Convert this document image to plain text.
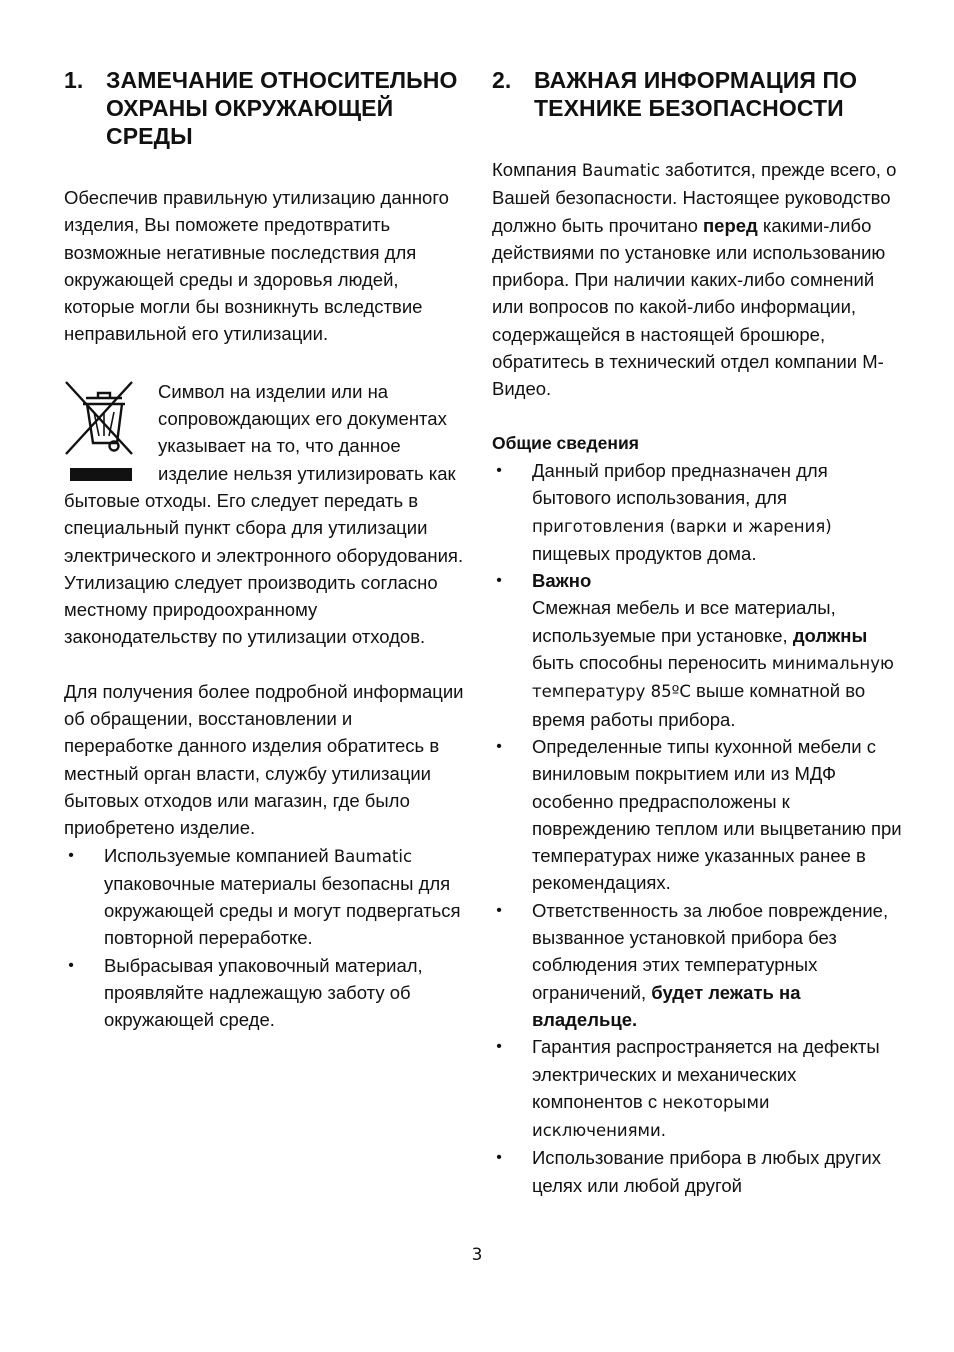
1. ЗАМЕЧАНИЕ ОТНОСИТЕЛЬНО ОХРАНЫ ОКРУЖАЮЩЕЙ СРЕДЫ

Обеспечив правильную утилизацию данного изделия, Вы поможете предотвратить возможные негативные последствия для окружающей среды и здоровья людей, которые могли бы возникнуть вследствие неправильной его утилизации.

Символ на изделии или на сопровождающих его документах указывает на то, что данное изделие нельзя утилизировать как бытовые отходы. Его следует передать в специальный пункт сбора для утилизации электрического и электронного оборудования.

Утилизацию следует производить согласно местному природоохранному законодательству по утилизации отходов.

Для получения более подробной информации об обращении, восстановлении и переработке данного изделия обратитесь в местный орган власти, службу утилизации бытовых отходов или магазин, где было приобретено изделие.

• Используемые компанией Baumatic упаковочные материалы безопасны для окружающей среды и могут подвергаться повторной переработке.
• Выбрасывая упаковочный материал, проявляйте надлежащую заботу об окружающей среде.
2. ВАЖНАЯ ИНФОРМАЦИЯ ПО ТЕХНИКЕ БЕЗОПАСНОСТИ

Компания Baumatic заботится, прежде всего, о Вашей безопасности. Настоящее руководство должно быть прочитано перед какими-либо действиями по установке или использованию прибора. При наличии каких-либо сомнений или вопросов по какой-либо информации, содержащейся в настоящей брошюре, обратитесь в технический отдел компании М-Видео.

Общие сведения
• Данный прибор предназначен для бытового использования, для приготовления (варки и жарения) пищевых продуктов дома.
• Важно
Смежная мебель и все материалы, используемые при установке, должны быть способны переносить минимальную температуру 85ºC выше комнатной во время работы прибора.
• Определенные типы кухонной мебели с виниловым покрытием или из МДФ особенно предрасположены к повреждению теплом или выцветанию при температурах ниже указанных ранее в рекомендациях.
• Ответственность за любое повреждение, вызванное установкой прибора без соблюдения этих температурных ограничений, будет лежать на владельце.
• Гарантия распространяется на дефекты электрических и механических компонентов с некоторыми исключениями.
• Использование прибора в любых других целях или любой другой
3
